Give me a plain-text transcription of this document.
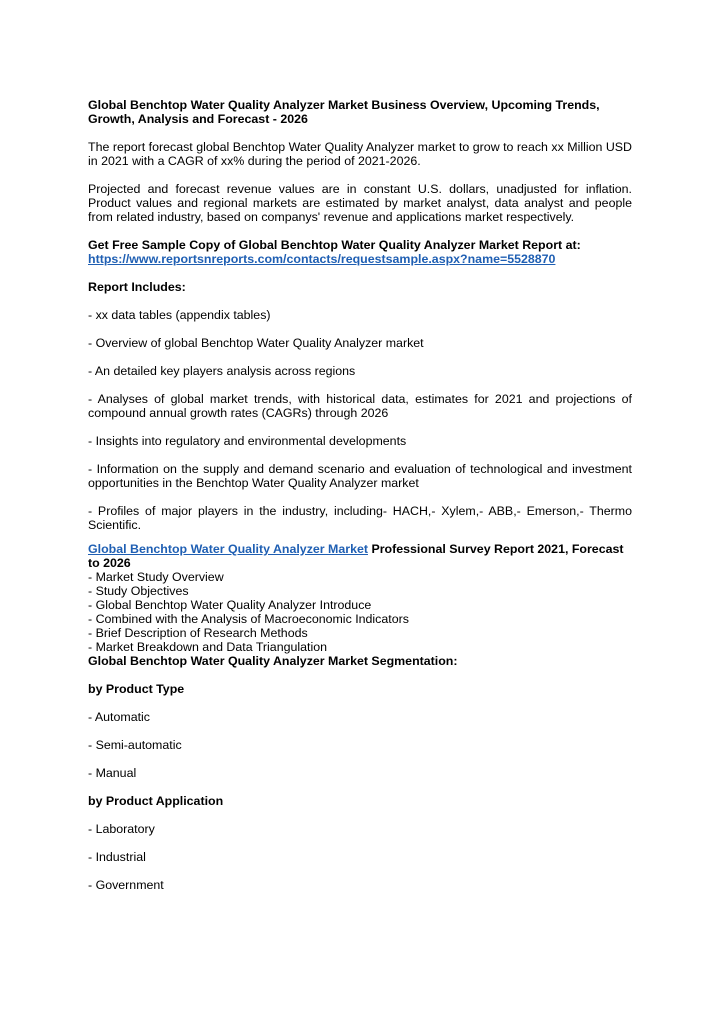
Global Benchtop Water Quality Analyzer Market Business Overview, Upcoming Trends, Growth, Analysis and Forecast - 2026

The report forecast global Benchtop Water Quality Analyzer market to grow to reach xx Million USD in 2021 with a CAGR of xx% during the period of 2021-2026.

Projected and forecast revenue values are in constant U.S. dollars, unadjusted for inflation. Product values and regional markets are estimated by market analyst, data analyst and people from related industry, based on companys' revenue and applications market respectively.

Get Free Sample Copy of Global Benchtop Water Quality Analyzer Market Report at:
https://www.reportsnreports.com/contacts/requestsample.aspx?name=5528870

Report Includes:

- xx data tables (appendix tables)

- Overview of global Benchtop Water Quality Analyzer market

- An detailed key players analysis across regions

- Analyses of global market trends, with historical data, estimates for 2021 and projections of compound annual growth rates (CAGRs) through 2026

- Insights into regulatory and environmental developments

- Information on the supply and demand scenario and evaluation of technological and investment opportunities in the Benchtop Water Quality Analyzer market

- Profiles of major players in the industry, including- HACH,- Xylem,- ABB,- Emerson,- Thermo Scientific.

Global Benchtop Water Quality Analyzer Market Professional Survey Report 2021, Forecast to 2026

- Market Study Overview
- Study Objectives
- Global Benchtop Water Quality Analyzer Introduce
- Combined with the Analysis of Macroeconomic Indicators
- Brief Description of Research Methods
- Market Breakdown and Data Triangulation

Global Benchtop Water Quality Analyzer Market Segmentation:

by Product Type

- Automatic

- Semi-automatic

- Manual

by Product Application

- Laboratory

- Industrial

- Government
